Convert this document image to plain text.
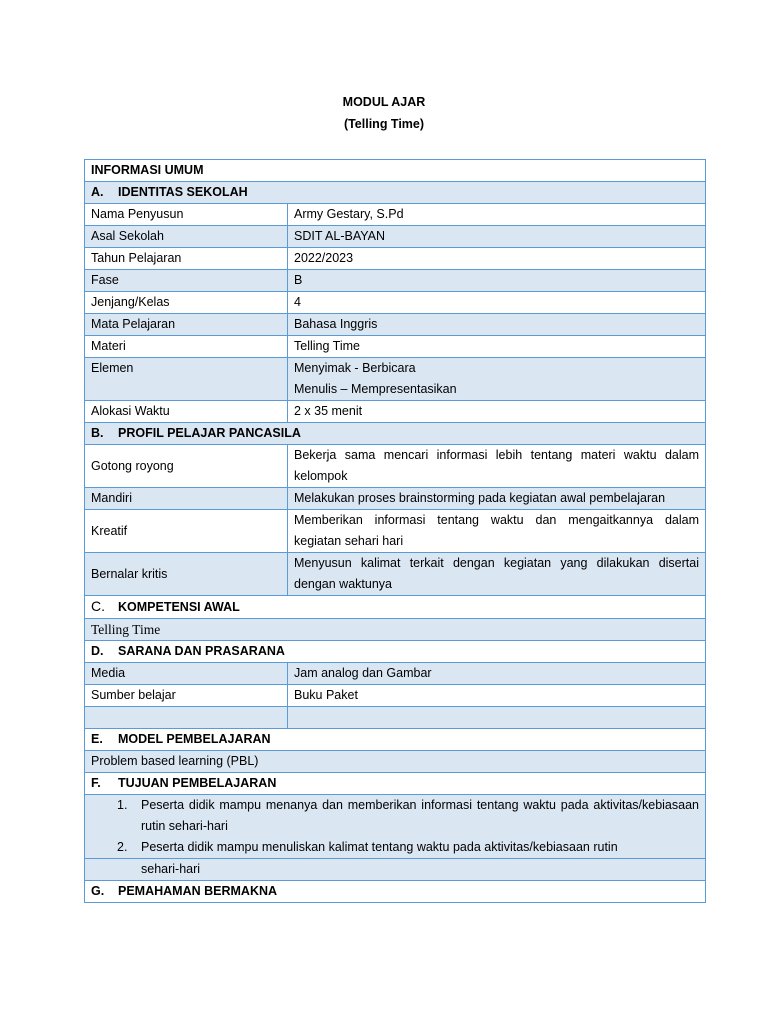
MODUL AJAR
(Telling Time)
INFORMASI UMUM	
A. IDENTITAS SEKOLAH	
Nama Penyusun	Army Gestary, S.Pd
Asal Sekolah	SDIT AL-BAYAN
Tahun Pelajaran	2022/2023
Fase	B
Jenjang/Kelas	4
Mata Pelajaran	Bahasa Inggris
Materi	Telling Time
Elemen	Menyimak - Berbicara
Menulis – Mempresentasikan

Alokasi Waktu	2 x 35 menit
B. PROFIL PELAJAR PANCASILA	
Gotong royong	Bekerja sama mencari informasi lebih tentang materi waktu dalam kelompok
Mandiri	Melakukan proses brainstorming pada kegiatan awal pembelajaran
Kreatif	Memberikan informasi tentang waktu dan mengaitkannya dalam kegiatan sehari hari
Bernalar kritis	Menyusun kalimat terkait dengan kegiatan yang dilakukan disertai dengan waktunya
C. KOMPETENSI AWAL	
Telling Time	
D. SARANA DAN PRASARANA	
Media	Jam analog dan Gambar
Sumber belajar	Buku Paket

E. MODEL PEMBELAJARAN	
Problem based learning (PBL)	
F. TUJUAN PEMBELAJARAN	

1. Peserta didik mampu menanya dan memberikan informasi tentang waktu pada aktivitas/kebiasaan rutin sehari-hari
2. Peserta didik mampu menuliskan kalimat tentang waktu pada aktivitas/kebiasaan rutin	

sehari-hari	
G. PEMAHAMAN BERMAKNA	
